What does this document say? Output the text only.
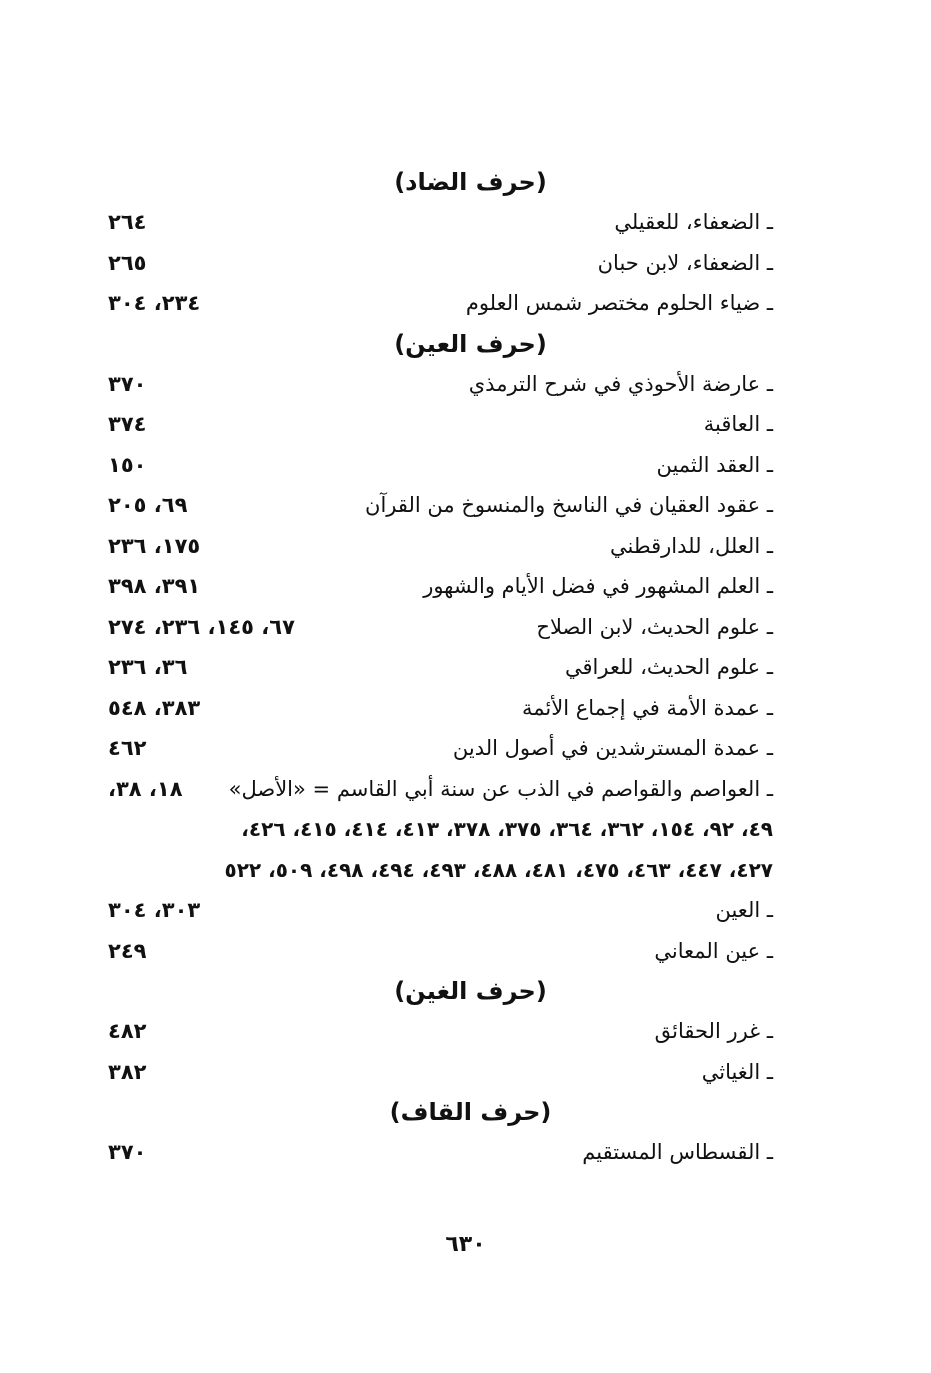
(حرف الضاد)
ـ الضعفاء، للعقيلي
٢٦٤
ـ الضعفاء، لابن حبان
٢٦٥
ـ ضياء الحلوم مختصر شمس العلوم
٢٣٤، ٣٠٤
(حرف العين)
ـ عارضة الأحوذي في شرح الترمذي
٣٧٠
ـ العاقبة
٣٧٤
ـ العقد الثمين
١٥٠
ـ عقود العقيان في الناسخ والمنسوخ من القرآن
٦٩، ٢٠٥
ـ العلل، للدارقطني
١٧٥، ٢٣٦
ـ العلم المشهور في فضل الأيام والشهور
٣٩١، ٣٩٨
ـ علوم الحديث، لابن الصلاح
٦٧، ١٤٥، ٢٣٦، ٢٧٤
ـ علوم الحديث، للعراقي
٣٦، ٢٣٦
ـ عمدة الأمة في إجماع الأئمة
٣٨٣، ٥٤٨
ـ عمدة المسترشدين في أصول الدين
٤٦٢
ـ العواصم والقواصم في الذب عن سنة أبي القاسم = «الأصل»
١٨، ٣٨،
٤٩، ٩٢، ١٥٤، ٣٦٢، ٣٦٤، ٣٧٥، ٣٧٨، ٤١٣، ٤١٤، ٤١٥، ٤٢٦،
٤٢٧، ٤٤٧، ٤٦٣، ٤٧٥، ٤٨١، ٤٨٨، ٤٩٣، ٤٩٤، ٤٩٨، ٥٠٩، ٥٢٢
ـ العين
٣٠٣، ٣٠٤
ـ عين المعاني
٢٤٩
(حرف الغين)
ـ غرر الحقائق
٤٨٢
ـ الغياثي
٣٨٢
(حرف القاف)
ـ القسطاس المستقيم
٣٧٠
٦٣٠
